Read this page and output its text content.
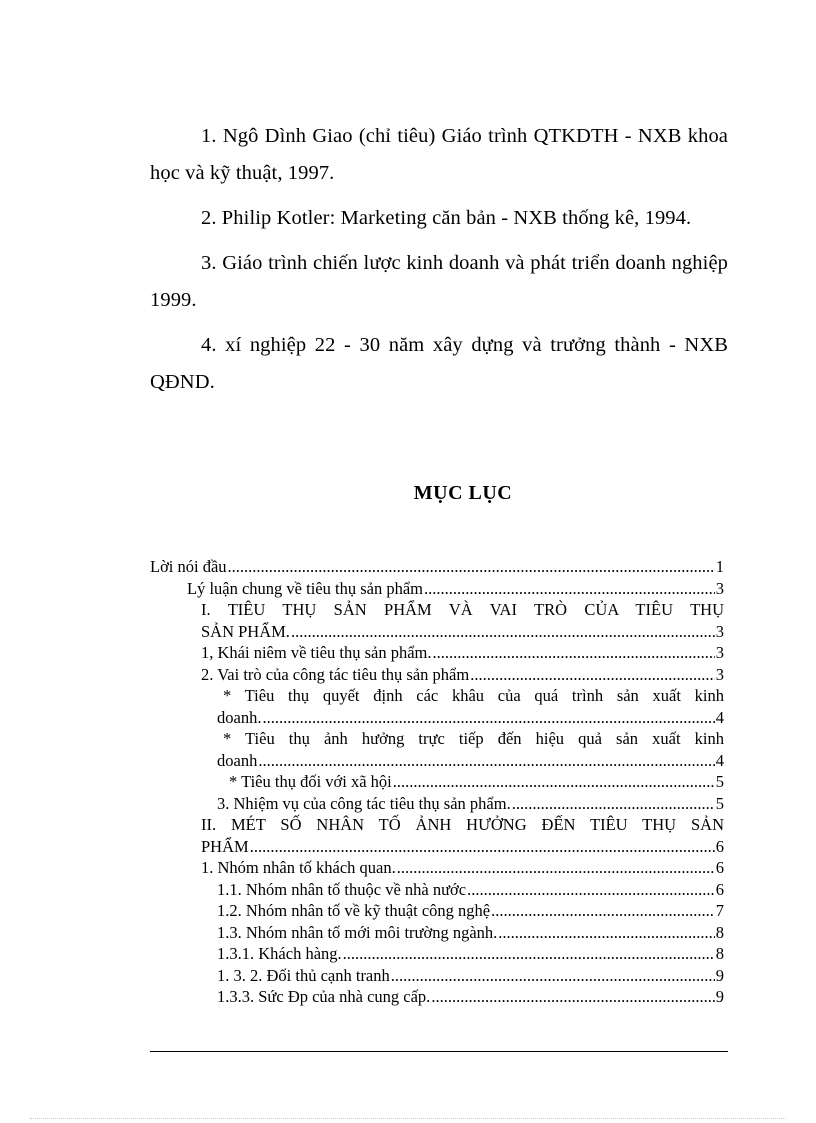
1. Ngô Dình Giao (chỉ tiêu) Giáo trình QTKDTH - NXB khoa học và kỹ thuật, 1997.

2. Philip Kotler: Marketing căn bản - NXB thống kê, 1994.

3. Giáo trình chiến lược kinh doanh và phát triển doanh nghiệp 1999.

4. xí nghiệp 22 - 30 năm xây dựng và trưởng thành - NXB QĐND.

MỤC LỤC
Lời nói đầu .....	1
Lý luận chung về tiêu thụ sản phẩm .....	3
I. TIÊU THỤ SẢN PHẨM VÀ VAI TRÒ CỦA TIÊU THỤ
SẢN PHẨM. .....	3
1, Khái niêm về tiêu thụ sản phẩm. .....	3
2. Vai trò của công tác tiêu thụ sản phẩm .....	3
* Tiêu thụ quyết định các khâu của quá trình sản xuất kinh
doanh. .....	4
* Tiêu thụ ảnh hưởng trực tiếp đến hiệu quả sản xuất kinh
doanh .....	4
* Tiêu thụ đối với xã hội .....	5
3. Nhiệm vụ của công tác tiêu thụ sản phẩm. .....	5
II. MÉT SỐ NHÂN TỐ ẢNH HƯỞNG ĐẾN TIÊU THỤ SẢN
PHẨM .....	6
1. Nhóm nhân tố khách quan. .....	6
1.1. Nhóm nhân tố thuộc về nhà nước .....	6
1.2. Nhóm nhân tố về kỹ thuật công nghệ .....	7
1.3. Nhóm nhân tố mới môi trường ngành. .....	8
1.3.1. Khách hàng. .....	8
1. 3. 2. Đối thủ cạnh tranh .....	9
1.3.3. Sức Đp của nhà cung cấp. .....	9
